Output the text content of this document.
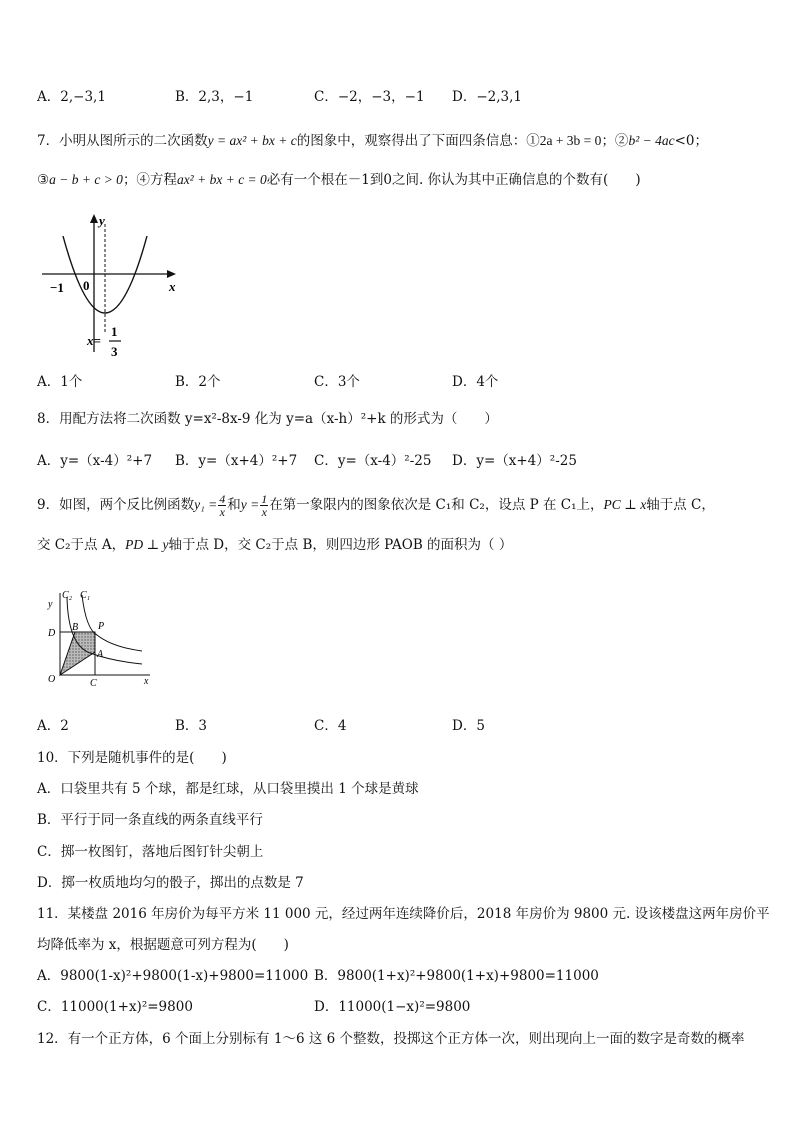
A．2,−3,1	B．2,3，−1	C．−2，−3，−1 D．−2,3,1
7．小明从图所示的二次函数y = ax² + bx + c的图象中，观察得出了下面四条信息：①2a + 3b = 0；②b² − 4ac<0；
③a − b + c > 0；④方程ax² + bx + c = 0必有一个根在－1到0之间. 你认为其中正确信息的个数有(　　)
y
x
0
−1
x=
1
3
A．1个	B．2个	C．3个	D．4个
8．用配方法将二次函数 y=x²-8x-9 化为 y=a（x-h）²+k 的形式为（　　）
A．y=（x-4）²+7 B．y=（x+4）²+7 C．y=（x-4）²-25 D．y=（x+4）²-25
9．如图，两个反比例函数$y_1 = \frac{4}{x}$ 和$y = \frac{1}{x}$ 在第一象限内的图象依次是 C₁和 C₂，设点 P 在 C₁上，PC ⊥ x轴于点 C，
交 C₂于点 A，PD ⊥ y轴于点 D，交 C₂于点 B，则四边形 PAOB 的面积为（ ）
C₂ C₁
y
x
D
B P
A
O	C
A．2	B．3	C．4	D．5
10．下列是随机事件的是(　　)
A．口袋里共有 5 个球，都是红球，从口袋里摸出 1 个球是黄球
B．平行于同一条直线的两条直线平行
C．掷一枚图钉，落地后图钉针尖朝上
D．掷一枚质地均匀的骰子，掷出的点数是 7
11．某楼盘 2016 年房价为每平方米 11 000 元，经过两年连续降价后，2018 年房价为 9800 元. 设该楼盘这两年房价平
均降低率为 x，根据题意可列方程为(　　)
A．9800(1-x)²+9800(1-x)+9800=11000 B．9800(1+x)²+9800(1+x)+9800=11000
C．11000(1+x)²=9800	D．11000(1−x)²=9800
12．有一个正方体，6 个面上分别标有 1～6 这 6 个整数，投掷这个正方体一次，则出现向上一面的数字是奇数的概率
